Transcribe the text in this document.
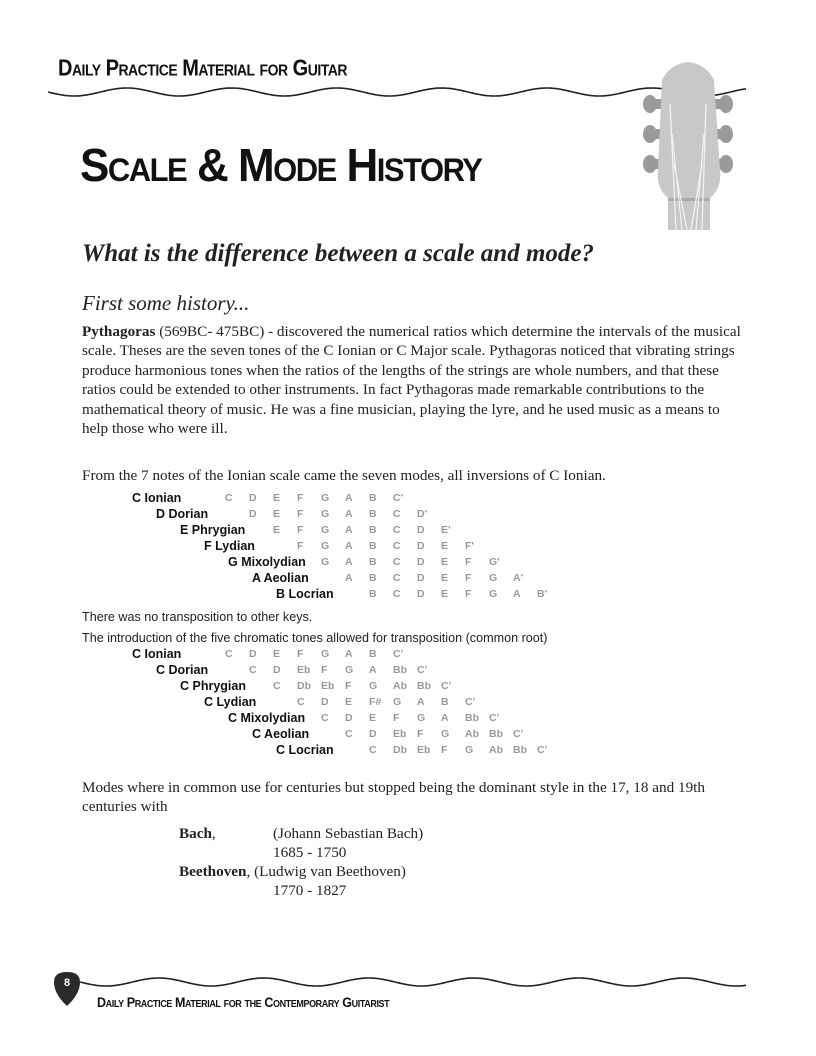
Daily Practice Material for Guitar
Scale & Mode History
What is the difference between a scale and mode?
First some history...
Pythagoras (569BC- 475BC) - discovered the numerical ratios which determine the intervals of the musical scale. Theses are the seven tones of the C Ionian or C Major scale. Pythagoras noticed that vibrating strings produce harmonious tones when the ratios of the lengths of the strings are whole numbers, and that these ratios could be extended to other instruments. In fact Pythagoras made remarkable contributions to the mathematical theory of music. He was a fine musician, playing the lyre, and he used music as a means to help those who were ill.
From the 7 notes of the Ionian scale came the seven modes, all inversions of C Ionian.
C Ionian	C D E F G A B C'
D Dorian	D E F G A B C D'
E Phrygian	E F G A B C D E'
F Lydian	F G A B C D E F'
G Mixolydian G A B C D E F G'
A Aeolian	A B C D E F G A'
B Locrian	B C D E F G A B'
There was no transposition to other keys.
The introduction of the five chromatic tones allowed for transposition (common root)
C Ionian	C D E F G A B C'
C Dorian	C D Eb F G A Bb C'
C Phrygian	C Db Eb F G Ab Bb C'
C Lydian	C D E F# G A B C'
C Mixolydian C D E F G A Bb C'
C Aeolian	C D Eb F G Ab Bb C'
C Locrian	C Db Eb F G Ab Bb C'
Modes where in common use for centuries but stopped being the dominant style in the 17, 18 and 19th centuries with
Bach,	(Johann Sebastian Bach)
1685 - 1750
Beethoven, (Ludwig van Beethoven)
1770 - 1827
8
Daily Practice Material for the Contemporary Guitarist
